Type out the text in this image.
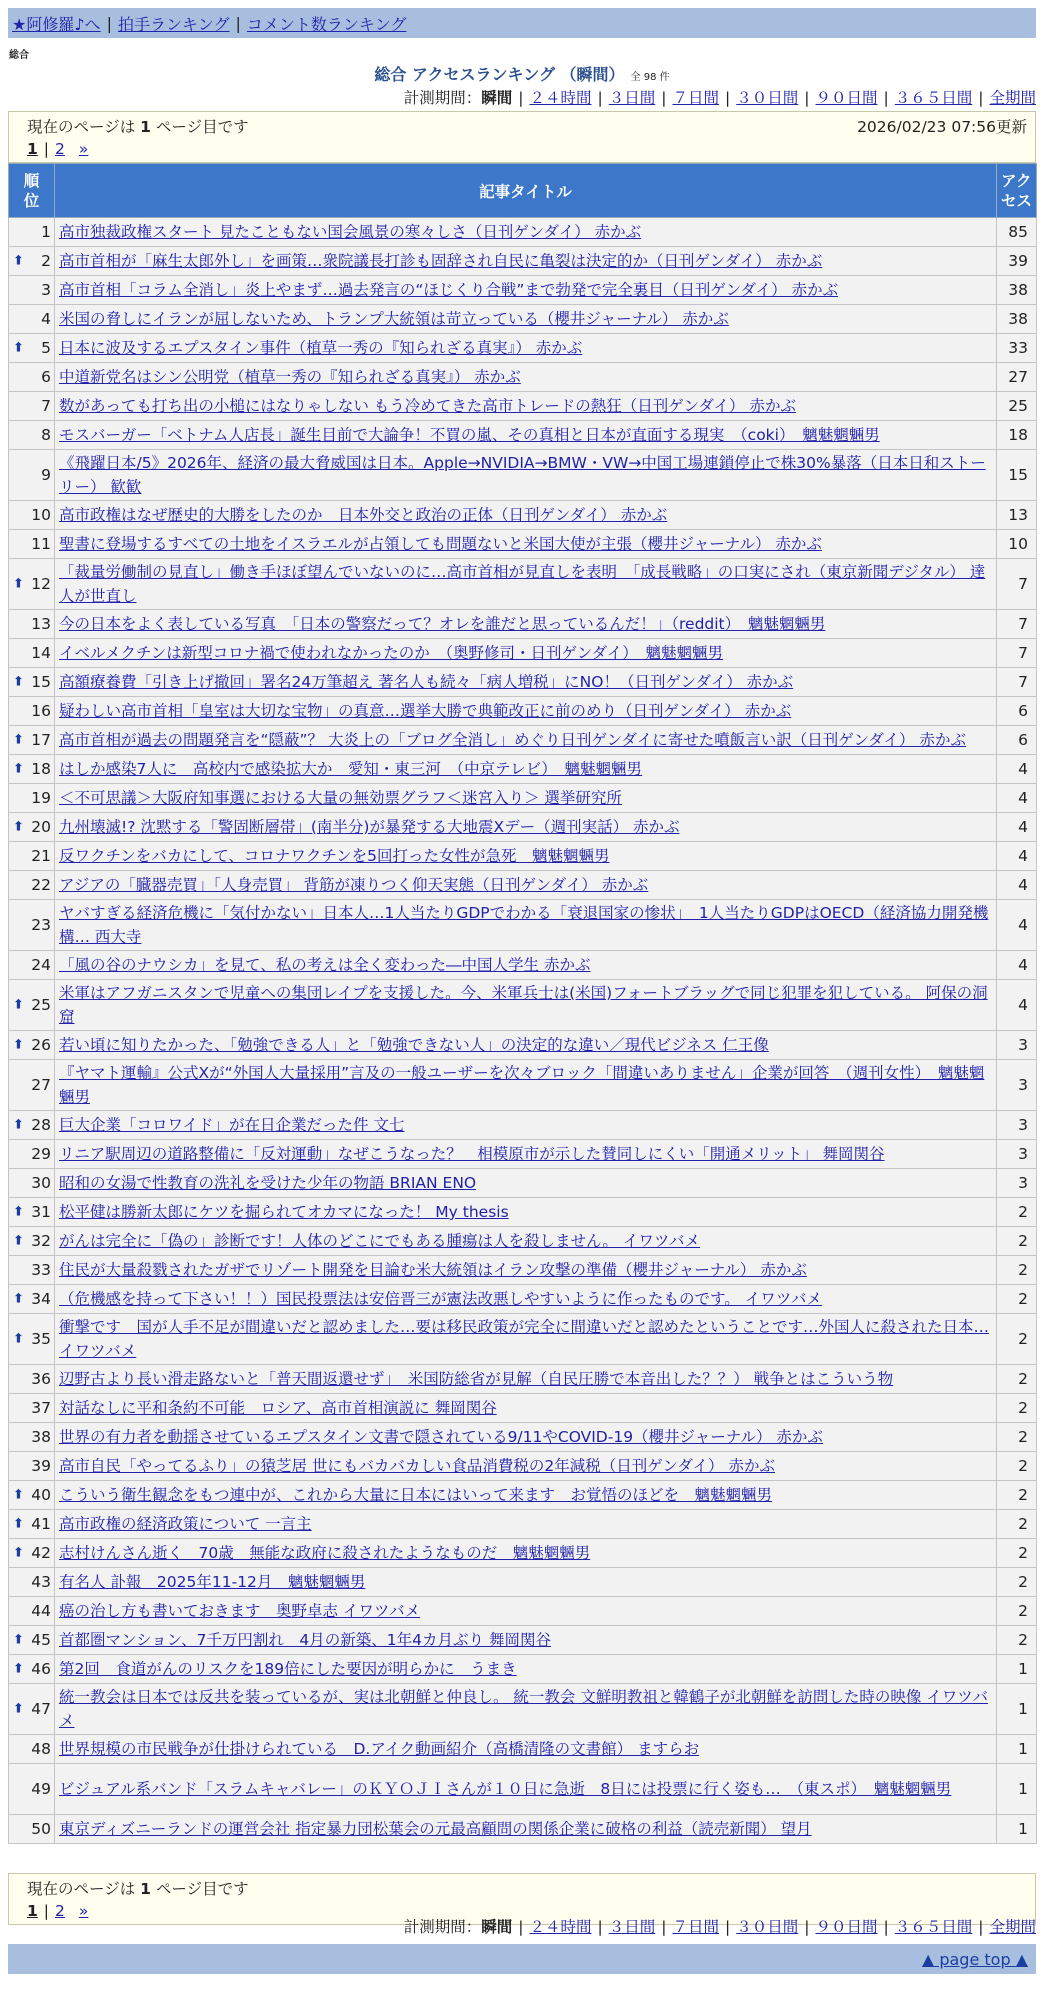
★阿修羅♪へ | 拍手ランキング | コメント数ランキング
総合
総合 アクセスランキング （瞬間） 全 98 件
計測期間：瞬間 | ２４時間 | ３日間 | ７日間 | ３０日間 | ９０日間 | ３６５日間 | 全期間
現在のページは 1 ページ目です	2026/02/23 07:56更新
1 | 2 »
順位	記事タイトル	アクセス
1	高市独裁政権スタート 見たこともない国会風景の寒々しさ（日刊ゲンダイ） 赤かぶ	85

⬆ 2	高市首相が「麻生太郎外し」を画策…衆院議長打診も固辞され自民に亀裂は決定的か（日刊ゲンダイ） 赤かぶ	39
3	高市首相「コラム全消し」炎上やまず…過去発言の“ほじくり合戦”まで勃発で完全裏目（日刊ゲンダイ） 赤かぶ	38
4	米国の脅しにイランが屈しないため、トランプ大統領は苛立っている（櫻井ジャーナル） 赤かぶ	38

⬆ 5	日本に波及するエプスタイン事件（植草一秀の『知られざる真実』） 赤かぶ	33
6	中道新党名はシン公明党（植草一秀の『知られざる真実』） 赤かぶ	27
7	数があっても打ち出の小槌にはなりゃしない もう冷めてきた高市トレードの熱狂（日刊ゲンダイ） 赤かぶ	25
8	モスバーガー「ベトナム人店長」誕生目前で大論争！不買の嵐、その真相と日本が直面する現実　（coki）　魑魅魍魎男	18
9	《飛躍日本/5》2026年、経済の最大脅威国は日本。Apple→NVIDIA→BMW・VW→中国工場連鎖停止で株30%暴落（日本日和ストーリー） 歓歓	15
10	高市政権はなぜ歴史的大勝をしたのか　日本外交と政治の正体（日刊ゲンダイ） 赤かぶ	13
11	聖書に登場するすべての土地をイスラエルが占領しても問題ないと米国大使が主張（櫻井ジャーナル） 赤かぶ	10

⬆ 12	「裁量労働制の見直し」働き手ほぼ望んでいないのに…高市首相が見直しを表明　「成長戦略」の口実にされ（東京新聞デジタル） 達人が世直し	7
13	今の日本をよく表している写真　「日本の警察だって？オレを誰だと思っているんだ！」（reddit）　魑魅魍魎男	7
14	イベルメクチンは新型コロナ禍で使われなかったのか　（奥野修司・日刊ゲンダイ）　魑魅魍魎男	7

⬆ 15	高額療養費「引き上げ撤回」署名24万筆超え 著名人も続々「病人増税」にNO！（日刊ゲンダイ） 赤かぶ	7
16	疑わしい高市首相「皇室は大切な宝物」の真意…選挙大勝で典範改正に前のめり（日刊ゲンダイ） 赤かぶ	6

⬆ 17	高市首相が過去の問題発言を“隠蔽”？ 大炎上の「ブログ全消し」めぐり日刊ゲンダイに寄せた噴飯言い訳（日刊ゲンダイ） 赤かぶ	6

⬆ 18	はしか感染7人に　高校内で感染拡大か　愛知・東三河　（中京テレビ）　魑魅魍魎男	4
19	＜不可思議＞大阪府知事選における大量の無効票グラフ＜迷宮入り＞ 選挙研究所	4

⬆ 20	九州壊滅!? 沈黙する「警固断層帯」(南半分)が暴発する大地震Xデー（週刊実話） 赤かぶ	4
21	反ワクチンをバカにして、コロナワクチンを5回打った女性が急死　魑魅魍魎男	4
22	アジアの「臓器売買」「人身売買」 背筋が凍りつく仰天実態（日刊ゲンダイ） 赤かぶ	4
23	ヤバすぎる経済危機に「気付かない」日本人…1人当たりGDPでわかる「衰退国家の惨状」　1人当たりGDPはOECD（経済協力開発機構… 西大寺	4
24	「風の谷のナウシカ」を見て、私の考えは全く変わった―中国人学生 赤かぶ	4

⬆ 25	米軍はアフガニスタンで児童への集団レイプを支援した。今、米軍兵士は(米国)フォートブラッグで同じ犯罪を犯している。 阿保の洞窟	4

⬆ 26	若い頃に知りたかった、「勉強できる人」と「勉強できない人」の決定的な違い／現代ビジネス 仁王像	3
27	『ヤマト運輸』公式Xが“外国人大量採用”言及の一般ユーザーを次々ブロック「間違いありません」企業が回答　（週刊女性）　魑魅魍魎男	3

⬆ 28	巨大企業「コロワイド」が在日企業だった件 文七	3
29	リニア駅周辺の道路整備に「反対運動」なぜこうなった？　相模原市が示した賛同しにくい「開通メリット」 舞岡関谷	3
30	昭和の女湯で性教育の洗礼を受けた少年の物語 BRIAN ENO	3

⬆ 31	松平健は勝新太郎にケツを掘られてオカマになった！ My thesis	2

⬆ 32	がんは完全に「偽の」診断です！人体のどこにでもある腫瘍は人を殺しません。 イワツバメ	2
33	住民が大量殺戮されたガザでリゾート開発を目論む米大統領はイラン攻撃の準備（櫻井ジャーナル） 赤かぶ	2

⬆ 34	（危機感を持って下さい！！）国民投票法は安倍晋三が憲法改悪しやすいように作ったものです。 イワツバメ	2

⬆ 35	衝撃です　国が人手不足が間違いだと認めました…要は移民政策が完全に間違いだと認めたということです…外国人に殺された日本… イワツバメ	2
36	辺野古より長い滑走路ないと「普天間返還せず」　米国防総省が見解（自民圧勝で本音出した？？） 戦争とはこういう物	2
37	対話なしに平和条約不可能　ロシア、高市首相演説に 舞岡関谷	2
38	世界の有力者を動揺させているエプスタイン文書で隠されている9/11やCOVID-19（櫻井ジャーナル） 赤かぶ	2
39	高市自民「やってるふり」の猿芝居 世にもバカバカしい食品消費税の2年減税（日刊ゲンダイ） 赤かぶ	2

⬆ 40	こういう衛生観念をもつ連中が、これから大量に日本にはいって来ます　お覚悟のほどを　魑魅魍魎男	2

⬆ 41	高市政権の経済政策について 一言主	2

⬆ 42	志村けんさん逝く　70歳　無能な政府に殺されたようなものだ　魑魅魍魎男	2
43	有名人 訃報　2025年11-12月　魑魅魍魎男	2
44	癌の治し方も書いておきます　奥野卓志 イワツバメ	2

⬆ 45	首都圏マンション、7千万円割れ　4月の新築、1年4カ月ぶり 舞岡関谷	2

⬆ 46	第2回　食道がんのリスクを189倍にした要因が明らかに　うまき	1

⬆ 47	統一教会は日本では反共を装っているが、実は北朝鮮と仲良し。 統一教会 文鮮明教祖と韓鶴子が北朝鮮を訪問した時の映像 イワツバメ	1
48	世界規模の市民戦争が仕掛けられている　D.アイク動画紹介（高橋清隆の文書館） ますらお	1
49	ビジュアル系バンド「スラムキャバレー」のＫＹＯＪＩさんが１０日に急逝　8日には投票に行く姿も…　（東スポ）　魑魅魍魎男	1
50	東京ディズニーランドの運営会社 指定暴力団松葉会の元最高顧問の関係企業に破格の利益（読売新聞） 望月	1
現在のページは 1 ページ目です
1 | 2 »
計測期間：瞬間 | ２４時間 | ３日間 | ７日間 | ３０日間 | ９０日間 | ３６５日間 | 全期間
▲ page top ▲
